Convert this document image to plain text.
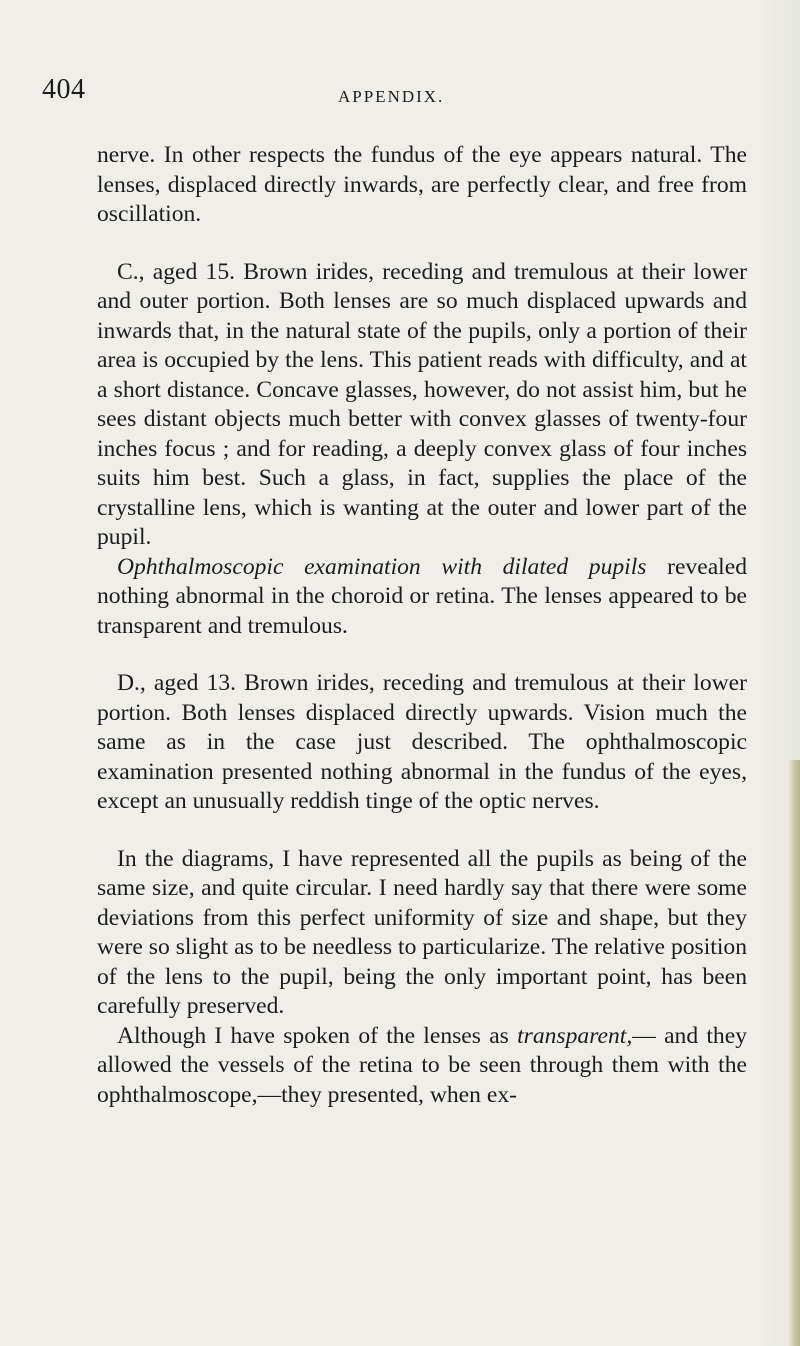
404	APPENDIX.

nerve. In other respects the fundus of the eye appears natural. The lenses, displaced directly inwards, are perfectly clear, and free from oscillation.

C., aged 15. Brown irides, receding and tremulous at their lower and outer portion. Both lenses are so much displaced upwards and inwards that, in the natural state of the pupils, only a portion of their area is occupied by the lens. This patient reads with difficulty, and at a short distance. Concave glasses, however, do not assist him, but he sees distant objects much better with convex glasses of twenty-four inches focus ; and for reading, a deeply convex glass of four inches suits him best. Such a glass, in fact, supplies the place of the crystalline lens, which is wanting at the outer and lower part of the pupil.

Ophthalmoscopic examination with dilated pupils revealed nothing abnormal in the choroid or retina. The lenses appeared to be transparent and tremulous.

D., aged 13. Brown irides, receding and tremulous at their lower portion. Both lenses displaced directly upwards. Vision much the same as in the case just described. The ophthalmoscopic examination presented nothing abnormal in the fundus of the eyes, except an unusually reddish tinge of the optic nerves.

In the diagrams, I have represented all the pupils as being of the same size, and quite circular. I need hardly say that there were some deviations from this perfect uniformity of size and shape, but they were so slight as to be needless to particularize. The relative position of the lens to the pupil, being the only important point, has been carefully preserved.

Although I have spoken of the lenses as transparent,— and they allowed the vessels of the retina to be seen through them with the ophthalmoscope,—they presented, when ex-
